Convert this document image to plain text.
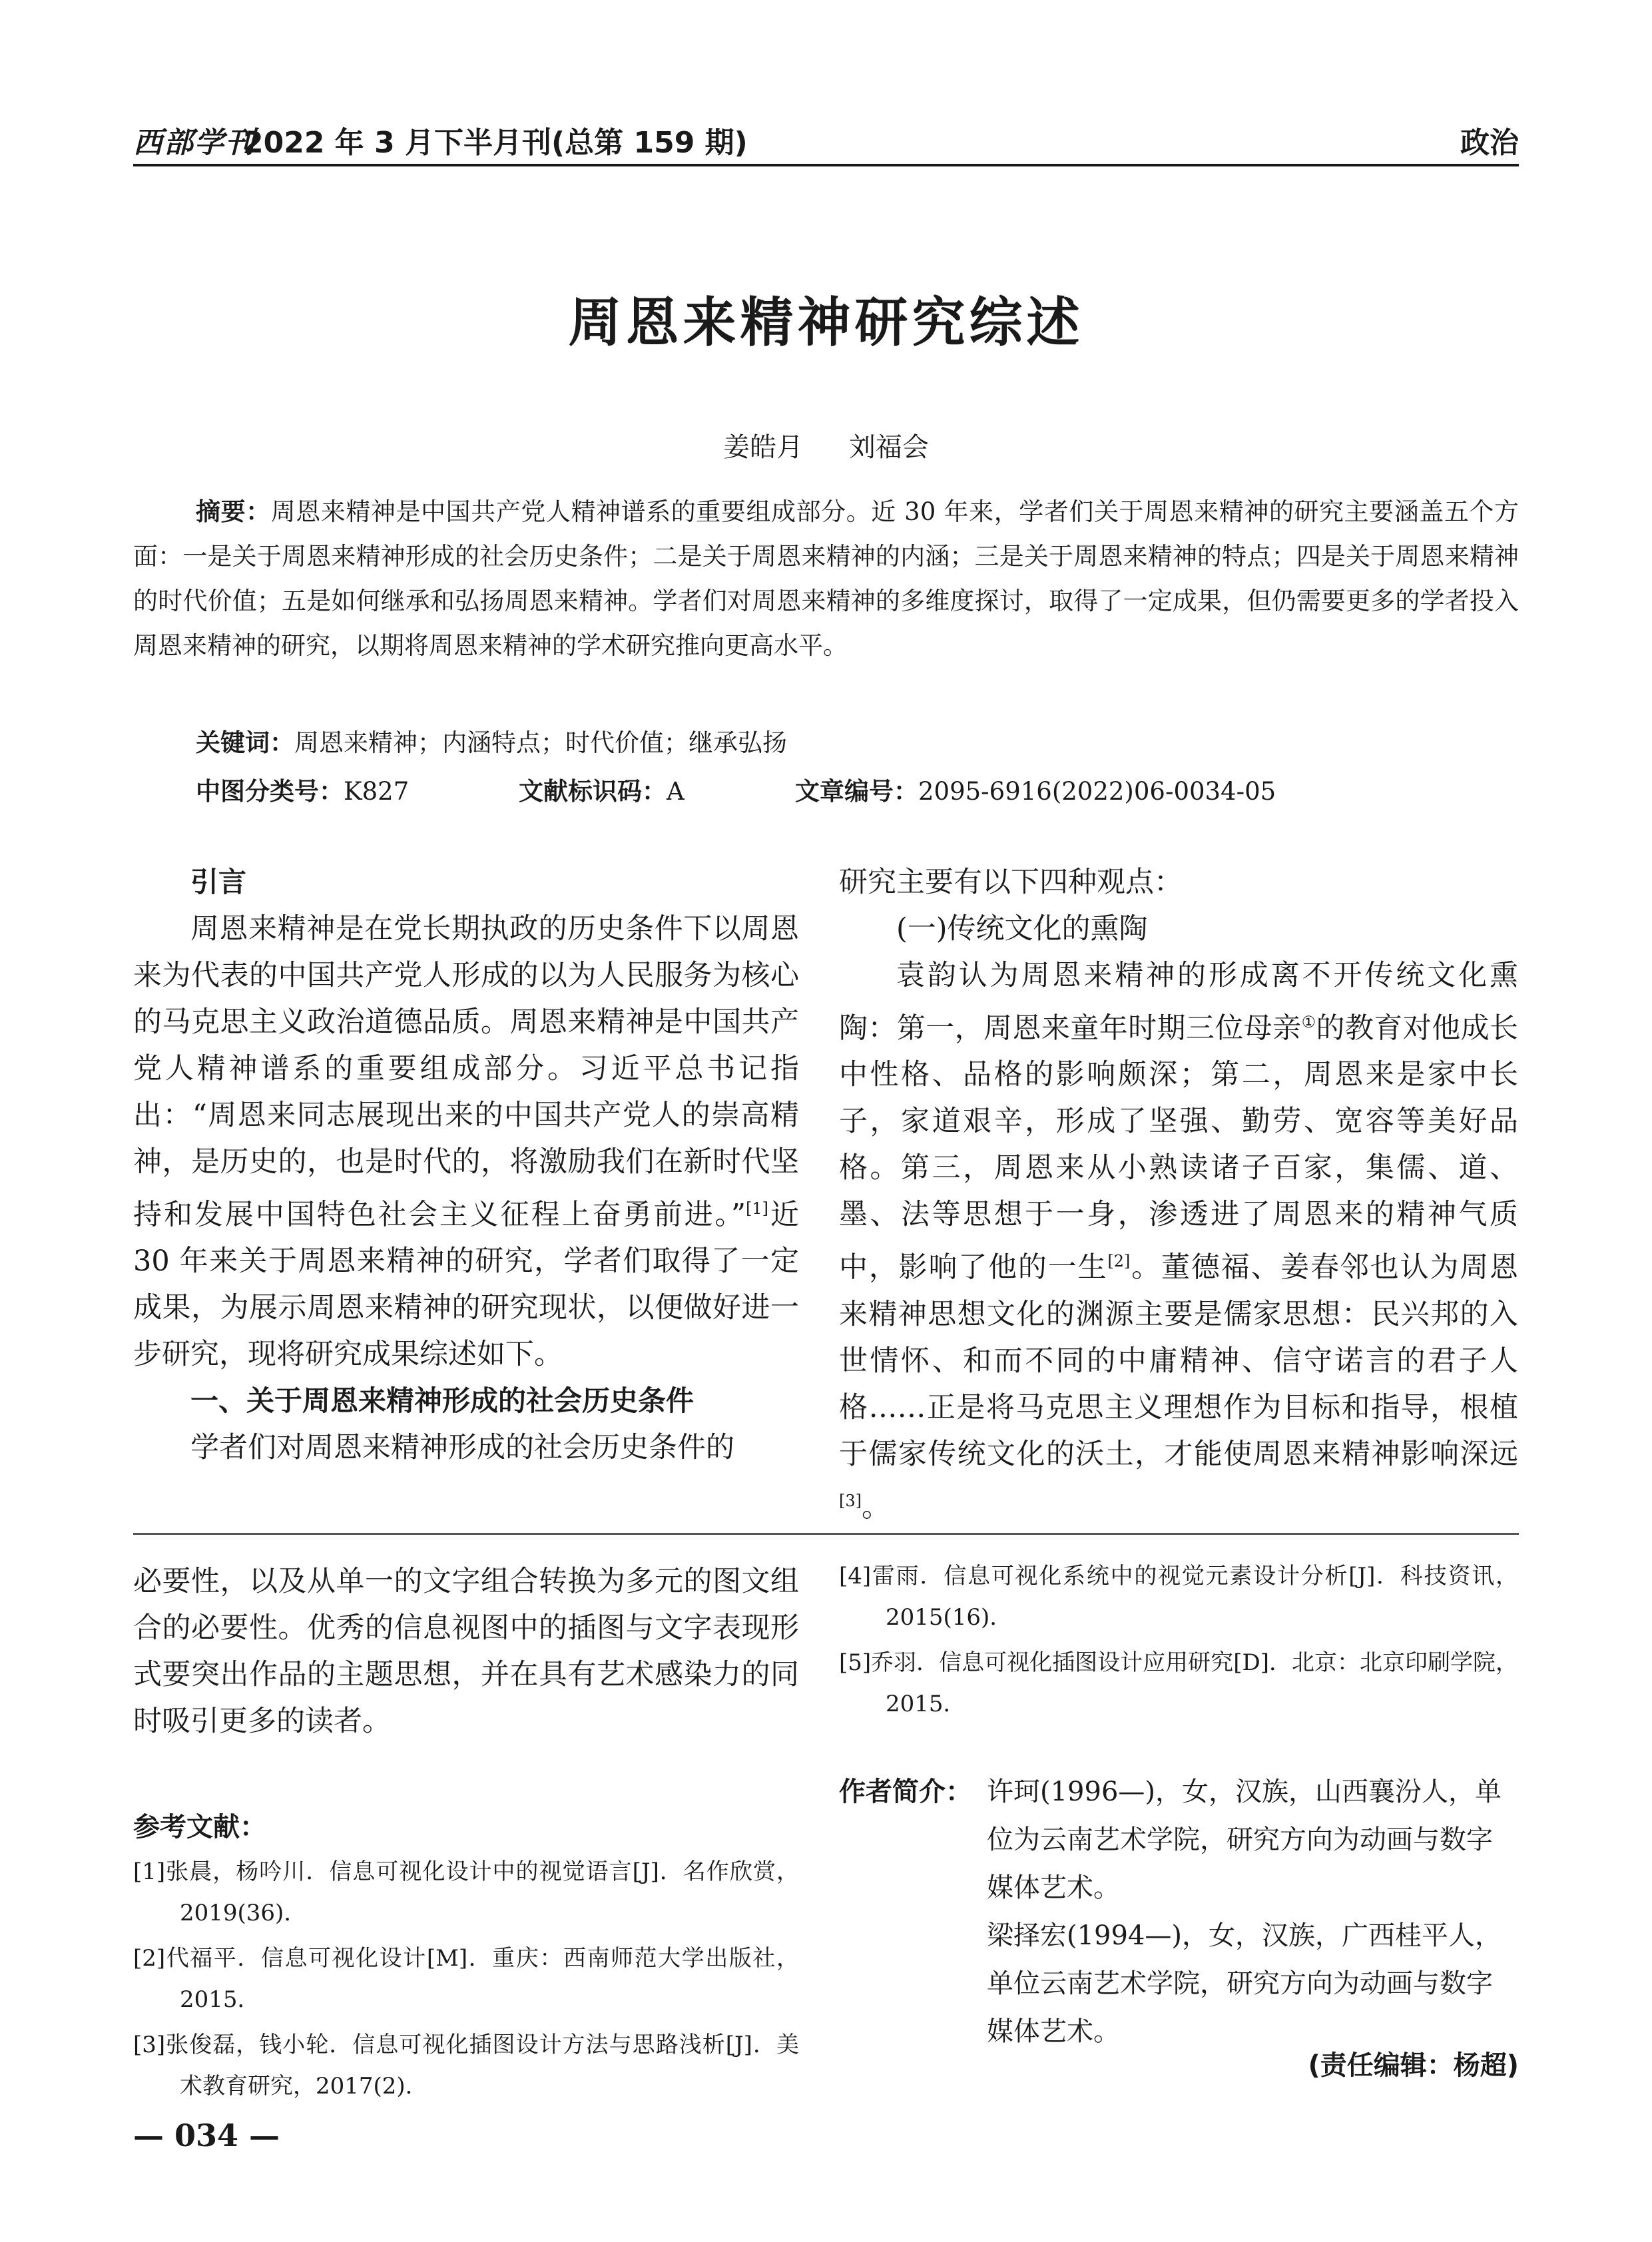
西部学刊
2022 年 3 月下半月刊(总第 159 期)	政治
周恩来精神研究综述
姜皓月 刘福会
摘要：周恩来精神是中国共产党人精神谱系的重要组成部分。近 30 年来，学者们关于周恩来精神的研究主要涵盖五个方面：一是关于周恩来精神形成的社会历史条件；二是关于周恩来精神的内涵；三是关于周恩来精神的特点；四是关于周恩来精神的时代价值；五是如何继承和弘扬周恩来精神。学者们对周恩来精神的多维度探讨，取得了一定成果，但仍需要更多的学者投入周恩来精神的研究，以期将周恩来精神的学术研究推向更高水平。
关键词：周恩来精神；内涵特点；时代价值；继承弘扬
中图分类号：K827	文献标识码：A	文章编号：2095-6916(2022)06-0034-05
引言

周恩来精神是在党长期执政的历史条件下以周恩来为代表的中国共产党人形成的以为人民服务为核心的马克思主义政治道德品质。周恩来精神是中国共产党人精神谱系的重要组成部分。习近平总书记指出：“周恩来同志展现出来的中国共产党人的崇高精神，是历史的，也是时代的，将激励我们在新时代坚持和发展中国特色社会主义征程上奋勇前进。”[1]近 30 年来关于周恩来精神的研究，学者们取得了一定成果，为展示周恩来精神的研究现状，以便做好进一步研究，现将研究成果综述如下。

一、关于周恩来精神形成的社会历史条件

学者们对周恩来精神形成的社会历史条件的

研究主要有以下四种观点：

(一)传统文化的熏陶

袁韵认为周恩来精神的形成离不开传统文化熏陶：第一，周恩来童年时期三位母亲①的教育对他成长中性格、品格的影响颇深；第二，周恩来是家中长子，家道艰辛，形成了坚强、勤劳、宽容等美好品格。第三，周恩来从小熟读诸子百家，集儒、道、墨、法等思想于一身，渗透进了周恩来的精神气质中，影响了他的一生[2]。董德福、姜春邻也认为周恩来精神思想文化的渊源主要是儒家思想：民兴邦的入世情怀、和而不同的中庸精神、信守诺言的君子人格……正是将马克思主义理想作为目标和指导，根植于儒家传统文化的沃土，才能使周恩来精神影响深远[3]。

必要性，以及从单一的文字组合转换为多元的图文组合的必要性。优秀的信息视图中的插图与文字表现形式要突出作品的主题思想，并在具有艺术感染力的同时吸引更多的读者。
参考文献：
[1]张晨，杨吟川．信息可视化设计中的视觉语言[J]．名作欣赏，2019(36)．
[2]代福平．信息可视化设计[M]．重庆：西南师范大学出版社，2015．
[3]张俊磊，钱小轮．信息可视化插图设计方法与思路浅析[J]．美术教育研究，2017(2)．
[4]雷雨．信息可视化系统中的视觉元素设计分析[J]．科技资讯，2015(16)．
[5]乔羽．信息可视化插图设计应用研究[D]．北京：北京印刷学院，2015．
作者简介： 许珂(1996—)，女，汉族，山西襄汾人，单位为云南艺术学院，研究方向为动画与数字媒体艺术。
梁择宏(1994—)，女，汉族，广西桂平人，单位云南艺术学院，研究方向为动画与数字媒体艺术。
(责任编辑：杨超)
— 034 —
